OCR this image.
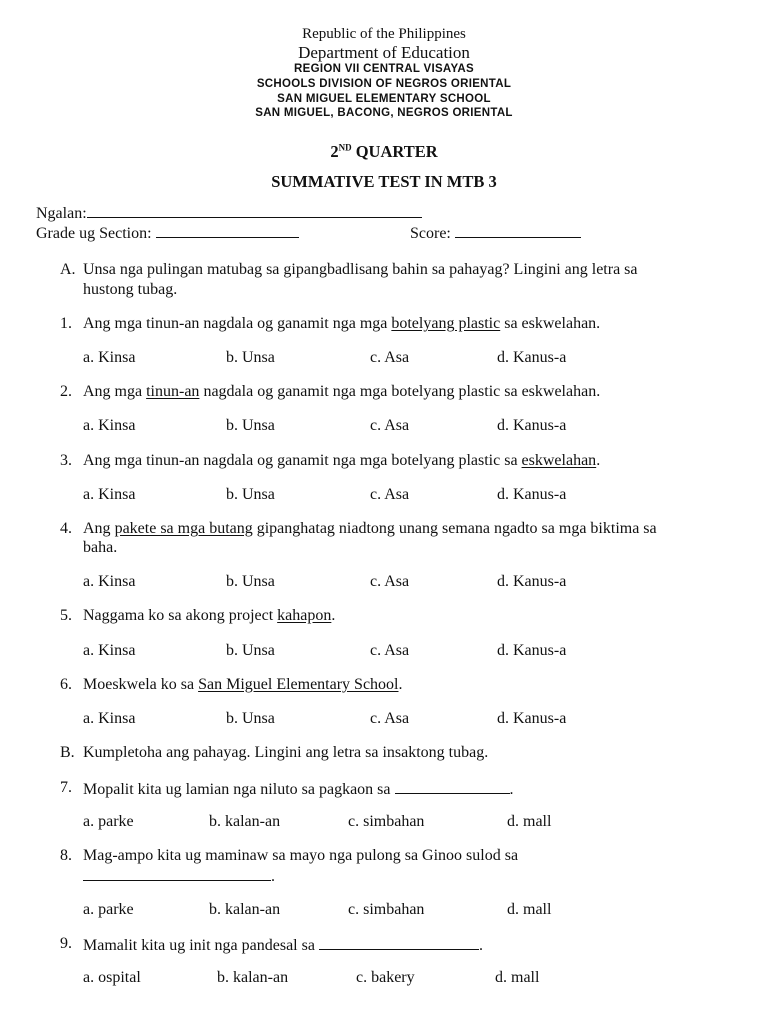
Republic of the Philippines
Department of Education
REGION VII CENTRAL VISAYAS
SCHOOLS DIVISION OF NEGROS ORIENTAL
SAN MIGUEL ELEMENTARY SCHOOL
SAN MIGUEL, BACONG, NEGROS ORIENTAL
2ND QUARTER
SUMMATIVE TEST IN MTB 3
Ngalan:
Grade ug Section:	Score:
A. Unsa nga pulingan matubag sa gipangbadlisang bahin sa pahayag? Lingini ang letra sa
hustong tubag.
1. Ang mga tinun-an nagdala og ganamit nga mga botelyang plastic sa eskwelahan.
a. Kinsa	b. Unsa	c. Asa	d. Kanus-a
2. Ang mga tinun-an nagdala og ganamit nga mga botelyang plastic sa eskwelahan.
a. Kinsa	b. Unsa	c. Asa	d. Kanus-a
3. Ang mga tinun-an nagdala og ganamit nga mga botelyang plastic sa eskwelahan.
a. Kinsa	b. Unsa	c. Asa	d. Kanus-a
4. Ang pakete sa mga butang gipanghatag niadtong unang semana ngadto sa mga biktima sa
baha.
a. Kinsa	b. Unsa	c. Asa	d. Kanus-a
5. Naggama ko sa akong project kahapon.
a. Kinsa	b. Unsa	c. Asa	d. Kanus-a
6. Moeskwela ko sa San Miguel Elementary School.
a. Kinsa	b. Unsa	c. Asa	d. Kanus-a
B. Kumpletoha ang pahayag. Lingini ang letra sa insaktong tubag.
7. Mopalit kita ug lamian nga niluto sa pagkaon sa	.
a. parke	b. kalan-an	c. simbahan	d. mall
8. Mag-ampo kita ug maminaw sa mayo nga pulong sa Ginoo sulod sa
.
a. parke	b. kalan-an	c. simbahan	d. mall
9. Mamalit kita ug init nga pandesal sa	.
a. ospital	b. kalan-an	c. bakery	d. mall
